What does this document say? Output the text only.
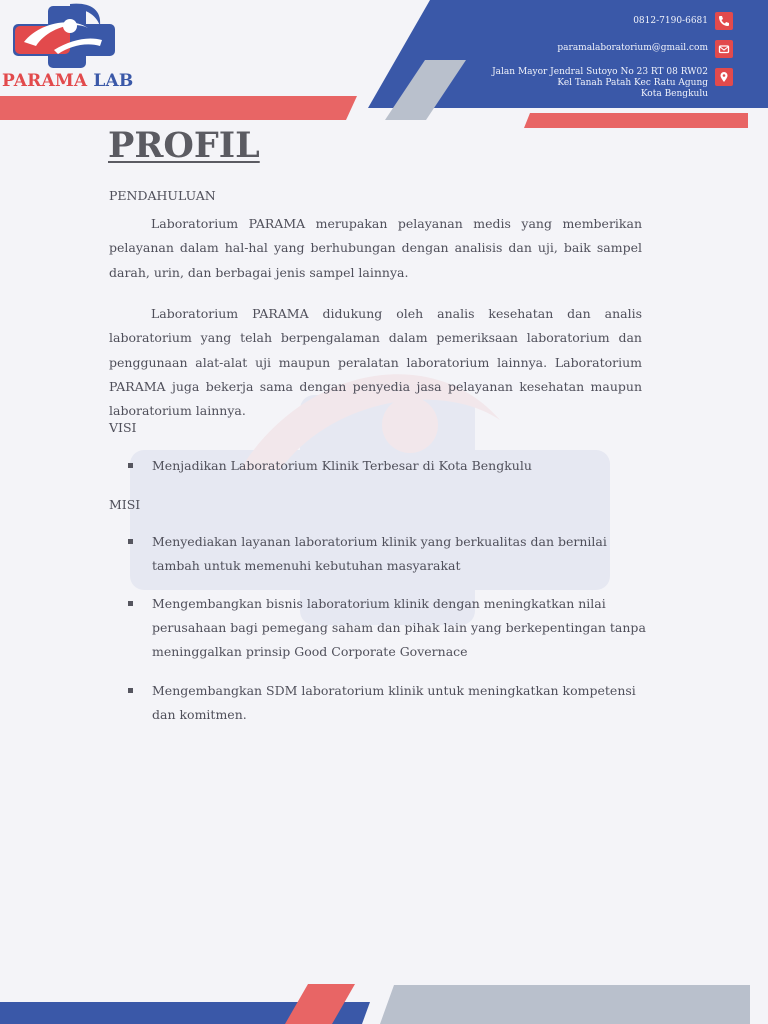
PARAMA LAB
0812-7190-6681
paramalaboratorium@gmail.com
Jalan Mayor Jendral Sutoyo No 23 RT 08 RW02
Kel Tanah Patah Kec Ratu Agung
Kota Bengkulu
PROFIL
PENDAHULUAN
Laboratorium PARAMA merupakan pelayanan medis yang memberikan pelayanan dalam hal-hal yang berhubungan dengan analisis dan uji, baik sampel darah, urin, dan berbagai jenis sampel lainnya.
Laboratorium PARAMA didukung oleh analis kesehatan dan analis laboratorium yang telah berpengalaman dalam pemeriksaan laboratorium dan penggunaan alat-alat uji maupun peralatan laboratorium lainnya. Laboratorium PARAMA juga bekerja sama dengan penyedia jasa pelayanan kesehatan maupun laboratorium lainnya.
VISI
Menjadikan Laboratorium Klinik Terbesar di Kota Bengkulu
MISI
Menyediakan layanan laboratorium klinik yang berkualitas dan bernilai tambah untuk memenuhi kebutuhan masyarakat
Mengembangkan bisnis laboratorium klinik dengan meningkatkan nilai perusahaan bagi pemegang saham dan pihak lain yang berkepentingan tanpa meninggalkan prinsip Good Corporate Governace
Mengembangkan SDM laboratorium klinik untuk meningkatkan kompetensi dan komitmen.
